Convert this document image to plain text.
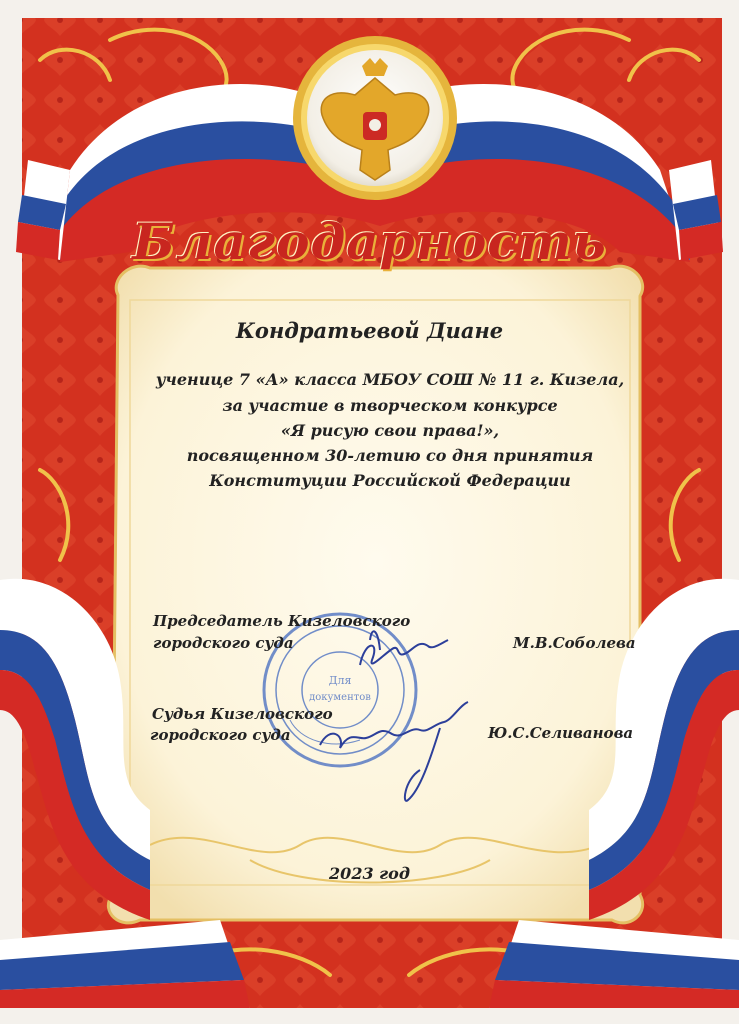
Для
документов
Благодарность
Кондратьевой Диане
ученице 7 «А» класса МБОУ СОШ № 11 г. Кизела,
за участие в творческом конкурсе
«Я рисую свои права!»,
посвященном 30-летию со дня принятия
Конституции Российской Федерации
Председатель Кизеловского
городского суда	М.В.Соболева
Судья Кизеловского
городского суда	Ю.С.Селиванова
2023 год
